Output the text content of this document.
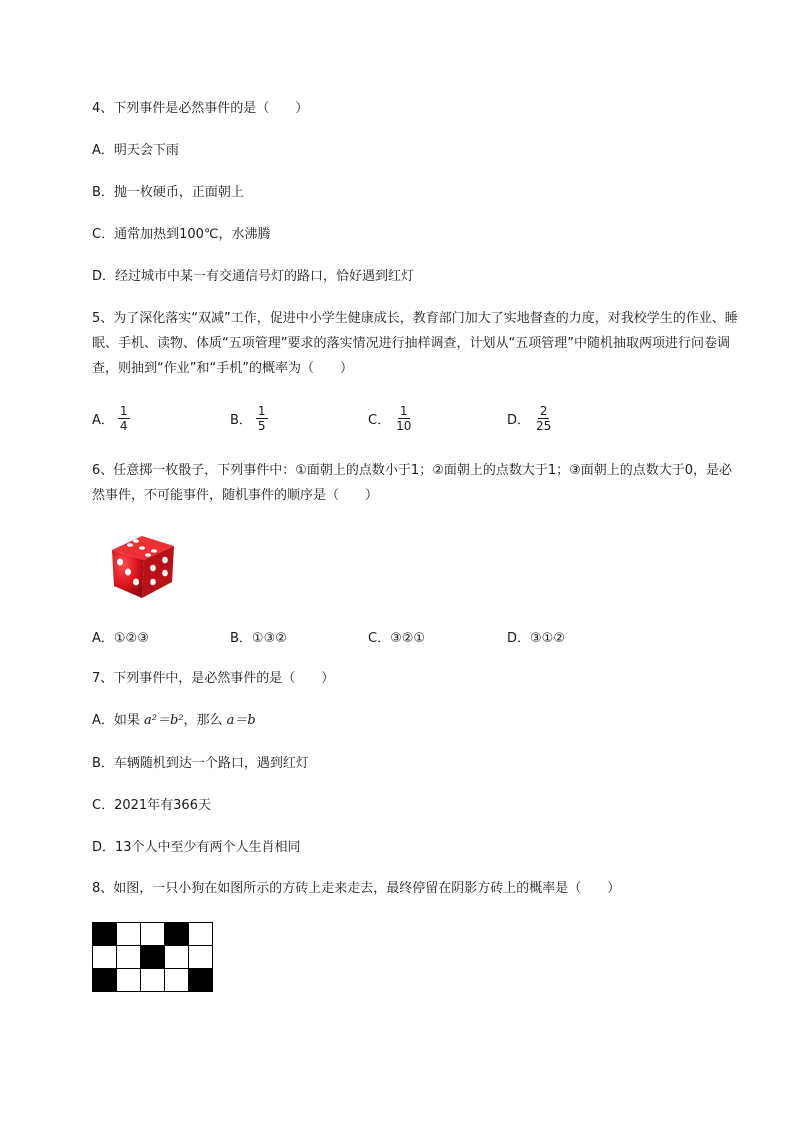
4、下列事件是必然事件的是（　　）
A．明天会下雨
B．抛一枚硬币，正面朝上
C．通常加热到100℃，水沸腾
D．经过城市中某一有交通信号灯的路口，恰好遇到红灯
5、为了深化落实“双减”工作，促进中小学生健康成长，教育部门加大了实地督查的力度，对我校学生的作业、睡眠、手机、读物、体质“五项管理”要求的落实情况进行抽样调查，计划从“五项管理”中随机抽取两项进行问卷调查，则抽到“作业”和“手机”的概率为（　　）
A． $\frac{1}{4}$	B． $\frac{1}{5}$	C． $\frac{1}{10}$	D． $\frac{2}{25}$
6、任意掷一枚骰子，下列事件中：①面朝上的点数小于1；②面朝上的点数大于1；③面朝上的点数大于0，是必然事件，不可能事件，随机事件的顺序是（　　）
A．①②③	B．①③②	C．③②①	D．③①②
7、下列事件中，是必然事件的是（　　）
A．如果 a²＝b²，那么 a＝b
B．车辆随机到达一个路口，遇到红灯
C．2021年有366天
D．13个人中至少有两个人生肖相同
8、如图，一只小狗在如图所示的方砖上走来走去，最终停留在阴影方砖上的概率是（　　）
